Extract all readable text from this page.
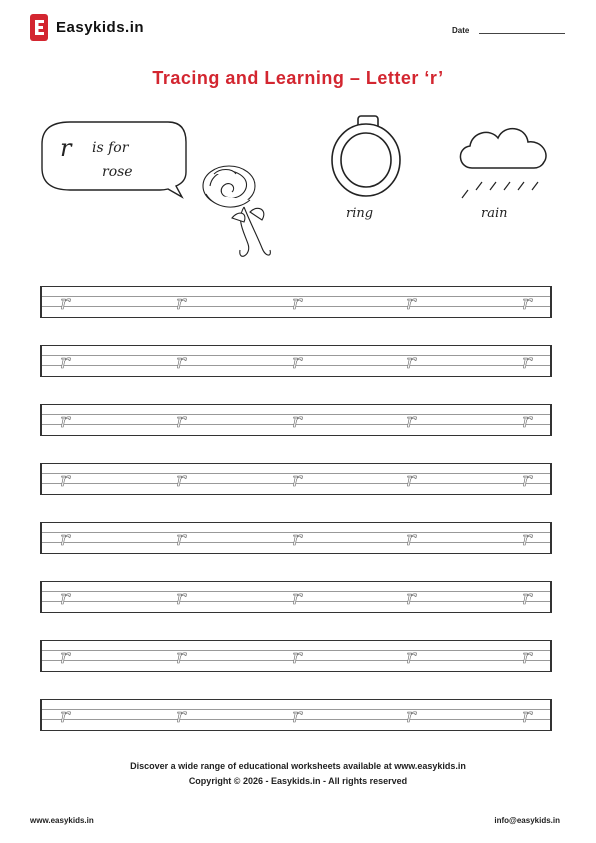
Easykids.in	Date
Tracing and Learning – Letter ‘r’
r is for
rose
ring	rain
r	r	r	r	r
r	r	r	r	r
r	r	r	r	r
r	r	r	r	r
r	r	r	r	r
r	r	r	r	r
r	r	r	r	r
r	r	r	r	r
Discover a wide range of educational worksheets available at www.easykids.in
Copyright © 2026 - Easykids.in - All rights reserved
www.easykids.in	info@easykids.in
